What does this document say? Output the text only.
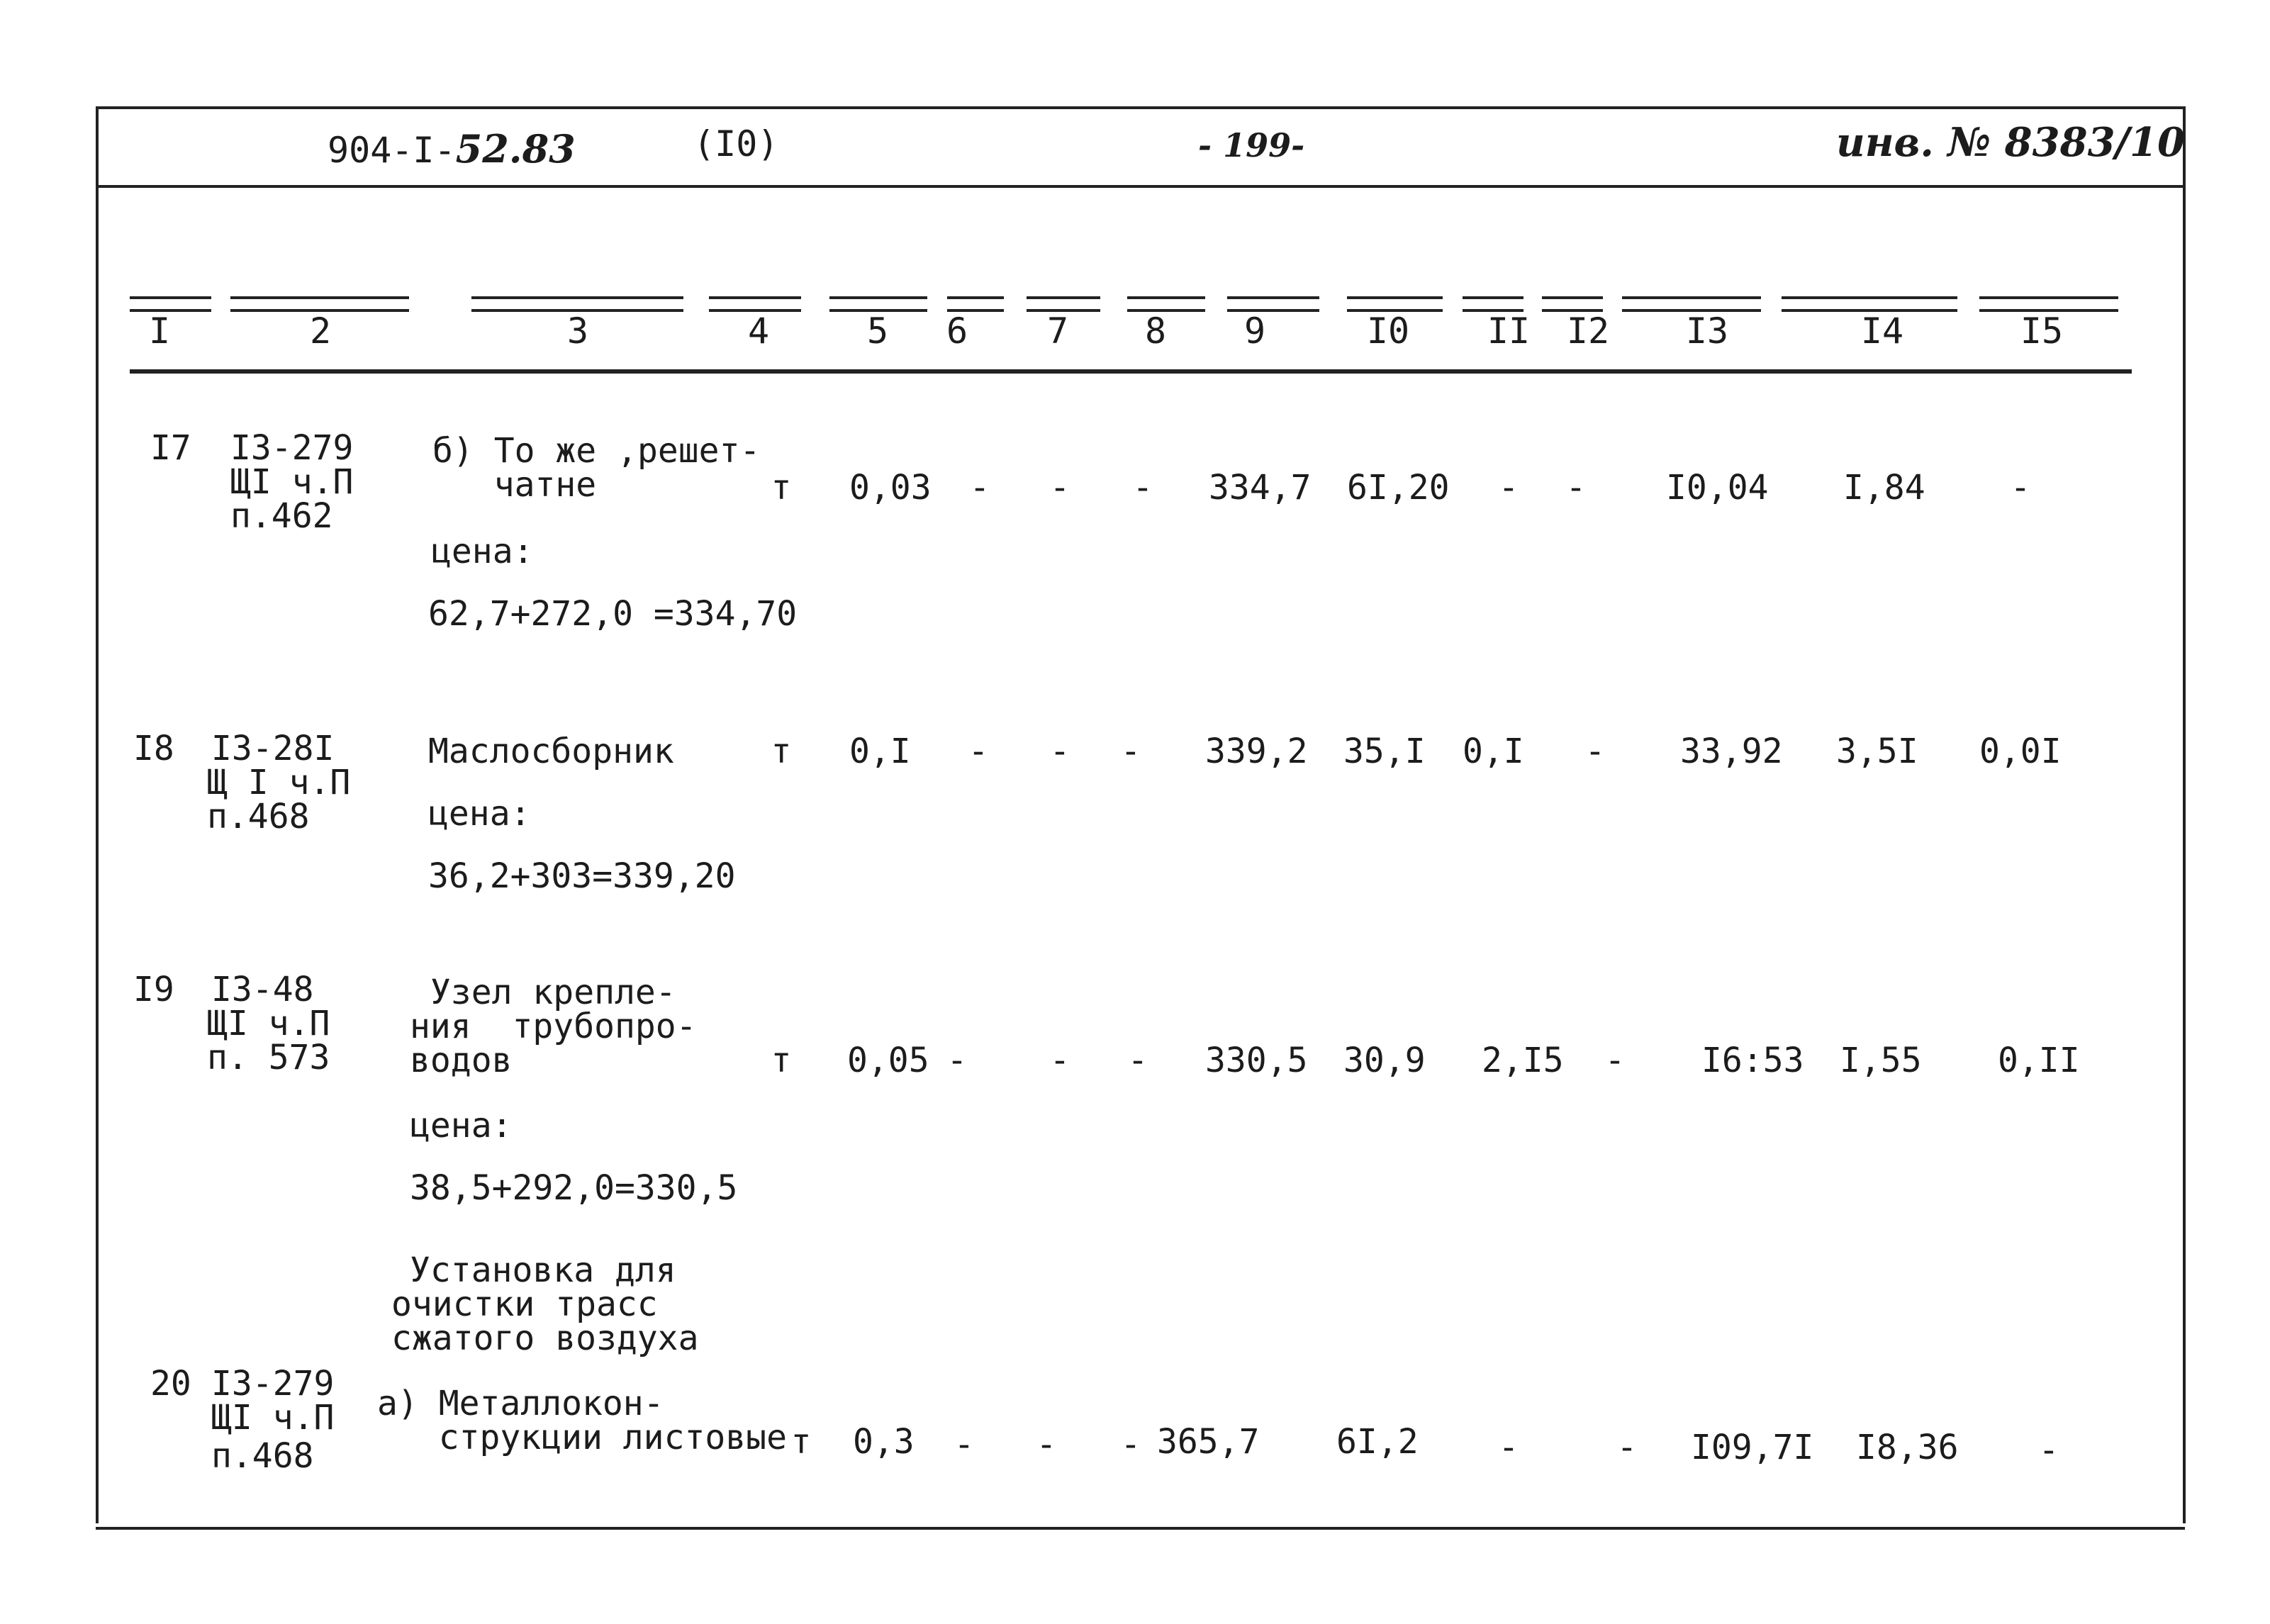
904-I-52.83	(I0)	- 199-	инв. № 8383/10
I	2	3	4	5 6 7 8 9	I0 II I2 I3	I4	I5
I7 I3-279
ЩI ч.П
п.462
б) То же ,решет-
чатне	т 0,03 - - - 334,7 6I,20 - - I0,04 I,84 -
цена:
62,7+272,0 =334,70
I8 I3-28I
Щ I ч.П
п.468
Маслосборник	т 0,I - - - 339,2 35,I 0,I - 33,92 3,5I 0,0I
цена:
36,2+303=339,20
I9 I3-48
ЩI ч.П
п. 573
Узел крепле-
ния  трубопро-
водов	т 0,05 - - - 330,5 30,9 2,I5 - I6:53 I,55 0,II
цена:
38,5+292,0=330,5
Установка для
очистки трасс
сжатого воздуха
20 I3-279
ЩI ч.П
п.468
а) Металлокон-
струкции листовые т 0,3 - - - 365,7 6I,2 -	- I09,7I I8,36 -
